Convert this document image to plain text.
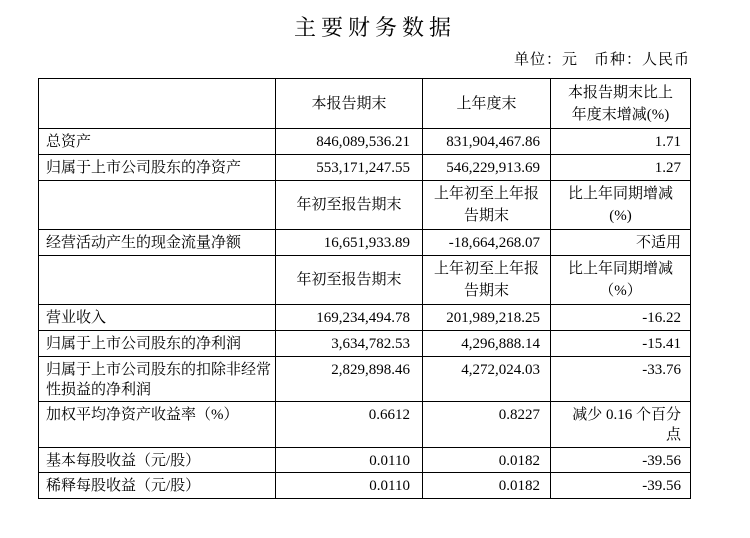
主要财务数据
单位：元　币种：人民币
	本报告期末	上年度末	本报告期末比上年度末增减(%)
总资产	846,089,536.21	831,904,467.86	1.71
归属于上市公司股东的净资产	553,171,247.55	546,229,913.69	1.27
	年初至报告期末	上年初至上年报告期末	比上年同期增减(%)
经营活动产生的现金流量净额	16,651,933.89	-18,664,268.07	不适用
	年初至报告期末	上年初至上年报告期末	比上年同期增减（%）
营业收入	169,234,494.78	201,989,218.25	-16.22
归属于上市公司股东的净利润	3,634,782.53	4,296,888.14	-15.41
归属于上市公司股东的扣除非经常性损益的净利润	2,829,898.46	4,272,024.03	-33.76
加权平均净资产收益率（%）	0.6612	0.8227	减少 0.16 个百分点
基本每股收益（元/股）	0.0110	0.0182	-39.56
稀释每股收益（元/股）	0.0110	0.0182	-39.56
